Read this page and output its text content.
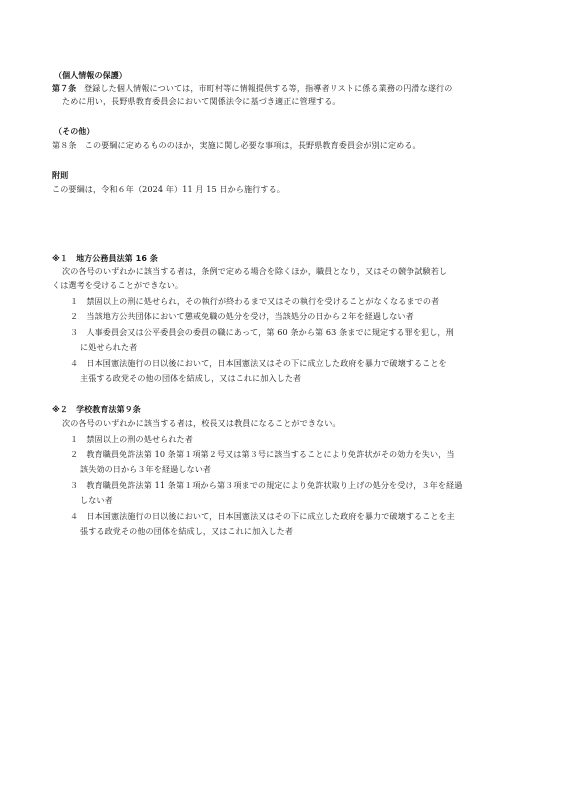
（個人情報の保護）
第７条 登録した個人情報については，市町村等に情報提供する等，指導者リストに係る業務の円滑な遂行の
ために用い，長野県教育委員会において関係法令に基づき適正に管理する。
（その他）
第８条　この要綱に定めるもののほか，実施に関し必要な事項は，長野県教育委員会が別に定める。
附則
この要綱は，令和６年（2024 年）11 月 15 日から施行する。
※１　地方公務員法第 16 条
次の各号のいずれかに該当する者は，条例で定める場合を除くほか，職員となり，又はその競争試験若し
くは選考を受けることができない。
１　禁固以上の刑に処せられ，その執行が終わるまで又はその執行を受けることがなくなるまでの者
２　当該地方公共団体において懲戒免職の処分を受け，当該処分の日から２年を経過しない者
３　人事委員会又は公平委員会の委員の職にあって，第 60 条から第 63 条までに規定する罪を犯し，刑
に処せられた者
４　日本国憲法施行の日以後において，日本国憲法又はその下に成立した政府を暴力で破壊することを
主張する政党その他の団体を結成し，又はこれに加入した者
※２　学校教育法第９条
次の各号のいずれかに該当する者は，校長又は教員になることができない。
１　禁固以上の刑の処せられた者
２　教育職員免許法第 10 条第１項第２号又は第３号に該当することにより免許状がその効力を失い，当
該失効の日から３年を経過しない者
３　教育職員免許法第 11 条第１項から第３項までの規定により免許状取り上げの処分を受け，３年を経過
しない者
４　日本国憲法施行の日以後において，日本国憲法又はその下に成立した政府を暴力で破壊することを主
張する政党その他の団体を結成し，又はこれに加入した者
